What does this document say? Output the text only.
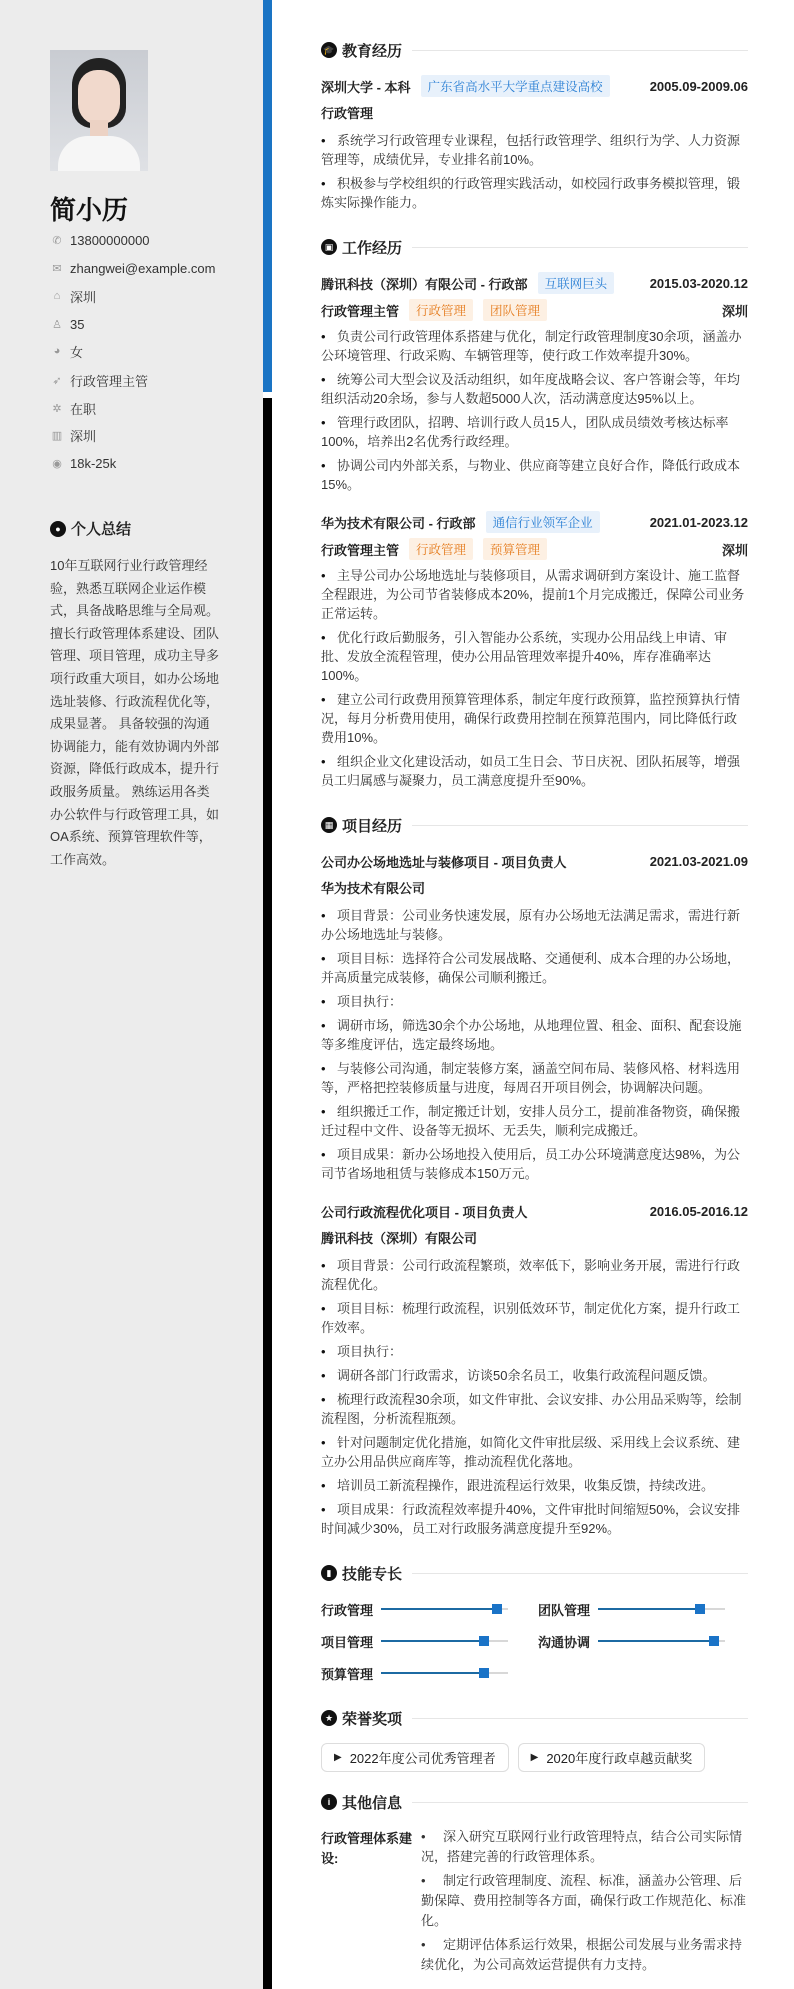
简小历
✆ 13800000000
✉ zhangwei@example.com
⌂ 深圳
♙ 35
◕ 女
➶ 行政管理主管
✲ 在职
▥ 深圳
◉ 18k-25k
● 个人总结
10年互联网行业行政管理经验，熟悉互联网企业运作模式，具备战略思维与全局观。擅长行政管理体系建设、团队管理、项目管理，成功主导多项行政重大项目，如办公场地选址装修、行政流程优化等，成果显著。 具备较强的沟通协调能力，能有效协调内外部资源，降低行政成本，提升行政服务质量。 熟练运用各类办公软件与行政管理工具，如OA系统、预算管理软件等，工作高效。
🎓 教育经历
深圳大学 - 本科	广东省高水平大学重点建设高校	2005.09-2009.06
行政管理
• 系统学习行政管理专业课程，包括行政管理学、组织行为学、人力资源管理等，成绩优异，专业排名前10%。
• 积极参与学校组织的行政管理实践活动，如校园行政事务模拟管理，锻炼实际操作能力。
▣ 工作经历
腾讯科技（深圳）有限公司 - 行政部	互联网巨头	2015.03-2020.12
行政管理主管	行政管理	团队管理	深圳
• 负责公司行政管理体系搭建与优化，制定行政管理制度30余项，涵盖办公环境管理、行政采购、车辆管理等，使行政工作效率提升30%。
• 统筹公司大型会议及活动组织，如年度战略会议、客户答谢会等，年均组织活动20余场，参与人数超5000人次，活动满意度达95%以上。
• 管理行政团队，招聘、培训行政人员15人，团队成员绩效考核达标率100%，培养出2名优秀行政经理。
• 协调公司内外部关系，与物业、供应商等建立良好合作，降低行政成本15%。
华为技术有限公司 - 行政部	通信行业领军企业	2021.01-2023.12
行政管理主管	行政管理	预算管理	深圳
• 主导公司办公场地选址与装修项目，从需求调研到方案设计、施工监督全程跟进，为公司节省装修成本20%，提前1个月完成搬迁，保障公司业务正常运转。
• 优化行政后勤服务，引入智能办公系统，实现办公用品线上申请、审批、发放全流程管理，使办公用品管理效率提升40%，库存准确率达100%。
• 建立公司行政费用预算管理体系，制定年度行政预算，监控预算执行情况，每月分析费用使用，确保行政费用控制在预算范围内，同比降低行政费用10%。
• 组织企业文化建设活动，如员工生日会、节日庆祝、团队拓展等，增强员工归属感与凝聚力，员工满意度提升至90%。
▦ 项目经历
公司办公场地选址与装修项目 - 项目负责人	2021.03-2021.09
华为技术有限公司
• 项目背景：公司业务快速发展，原有办公场地无法满足需求，需进行新办公场地选址与装修。
• 项目目标：选择符合公司发展战略、交通便利、成本合理的办公场地，并高质量完成装修，确保公司顺利搬迁。
• 项目执行：
• 调研市场，筛选30余个办公场地，从地理位置、租金、面积、配套设施等多维度评估，选定最终场地。
• 与装修公司沟通，制定装修方案，涵盖空间布局、装修风格、材料选用等，严格把控装修质量与进度，每周召开项目例会，协调解决问题。
• 组织搬迁工作，制定搬迁计划，安排人员分工，提前准备物资，确保搬迁过程中文件、设备等无损坏、无丢失，顺利完成搬迁。
• 项目成果：新办公场地投入使用后，员工办公环境满意度达98%，为公司节省场地租赁与装修成本150万元。
公司行政流程优化项目 - 项目负责人	2016.05-2016.12
腾讯科技（深圳）有限公司
• 项目背景：公司行政流程繁琐，效率低下，影响业务开展，需进行行政流程优化。
• 项目目标：梳理行政流程，识别低效环节，制定优化方案，提升行政工作效率。
• 项目执行：
• 调研各部门行政需求，访谈50余名员工，收集行政流程问题反馈。
• 梳理行政流程30余项，如文件审批、会议安排、办公用品采购等，绘制流程图，分析流程瓶颈。
• 针对问题制定优化措施，如简化文件审批层级、采用线上会议系统、建立办公用品供应商库等，推动流程优化落地。
• 培训员工新流程操作，跟进流程运行效果，收集反馈，持续改进。
• 项目成果：行政流程效率提升40%，文件审批时间缩短50%，会议安排时间减少30%，员工对行政服务满意度提升至92%。
▮ 技能专长
行政管理	团队管理
项目管理	沟通协调
预算管理
★ 荣誉奖项
▶ 2022年度公司优秀管理者	▶ 2020年度行政卓越贡献奖
i 其他信息
行政管理体系建设:
• 深入研究互联网行业行政管理特点，结合公司实际情况，搭建完善的行政管理体系。
• 制定行政管理制度、流程、标准，涵盖办公管理、后勤保障、费用控制等各方面，确保行政工作规范化、标准化。
• 定期评估体系运行效果，根据公司发展与业务需求持续优化，为公司高效运营提供有力支持。
